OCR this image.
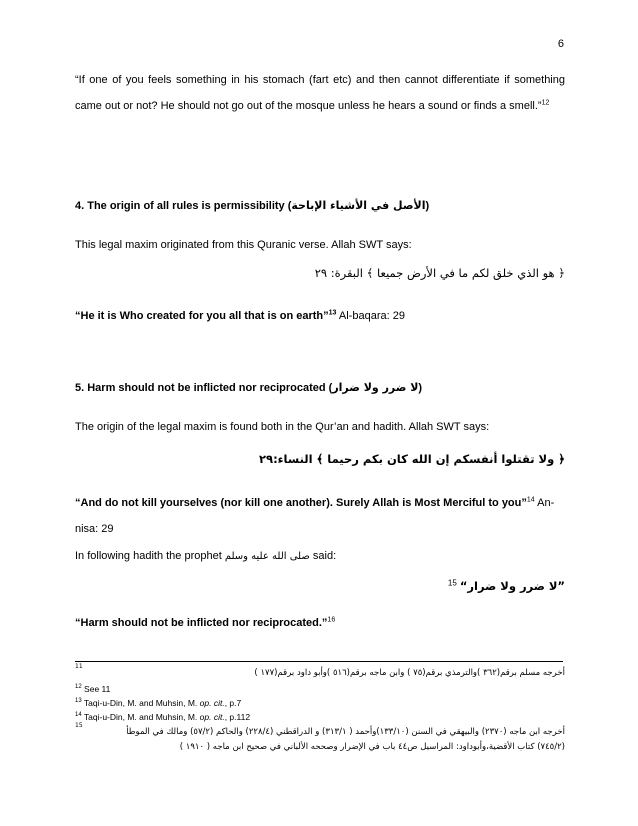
6
“If one of you feels something in his stomach (fart etc) and then cannot differentiate if something came out or not? He should not go out of the mosque unless he hears a sound or finds a smell.”$^{12}$
4. The origin of all rules is permissibility (الأصل في الأشياء الإباحة)
This legal maxim originated from this Quranic verse. Allah SWT says:
﴿ هو الذي خلق لكم ما في الأرض جميعا ﴾ البقرة: ٢٩
“He it is Who created for you all that is on earth”$^{13}$ Al-baqara: 29
5. Harm should not be inflicted nor reciprocated (لا ضرر ولا ضرار)
The origin of the legal maxim is found both in the Qur’an and hadith. Allah SWT says:
﴿ ولا تقتلوا أنفسكم إن الله كان بكم رحيما ﴾ النساء:٢٩
“And do not kill yourselves (nor kill one another). Surely Allah is Most Merciful to you”$^{14}$ An-nisa: 29
In following hadith the prophet صلى الله عليه وسلم said:
”لا ضرر ولا ضرار“ $^{15}$
“Harm should not be inflicted nor reciprocated.”$^{16}$
11
أخرجه مسلم برقم(٣٦٢ )والترمذي برقم(٧٥ ) وابن ماجه برقم(٥١٦ )وأبو داود برقم(١٧٧ )
$^{12}$ See 11
$^{13}$ Taqi-u-Din, M. and Muhsin, M. op. cit., p.7
$^{14}$ Taqi-u-Din, M. and Muhsin, M. op. cit., p.112
15
أخرجه ابن ماجه (٢٣٧٠) والبيهقي في السنن (١٣٣/١٠)وأحمد ( ٣١٣/١) و الدراقطني (٢٢٨/٤) والحاكم (٥٧/٢) ومالك في الموطأ
(٧٤٥/٢) كتاب الأقضية،وأبوداود: المراسيل ص٤٤ باب في الإضرار وصححه الألباني في صحيح ابن ماجه ( ١٩١٠ )
